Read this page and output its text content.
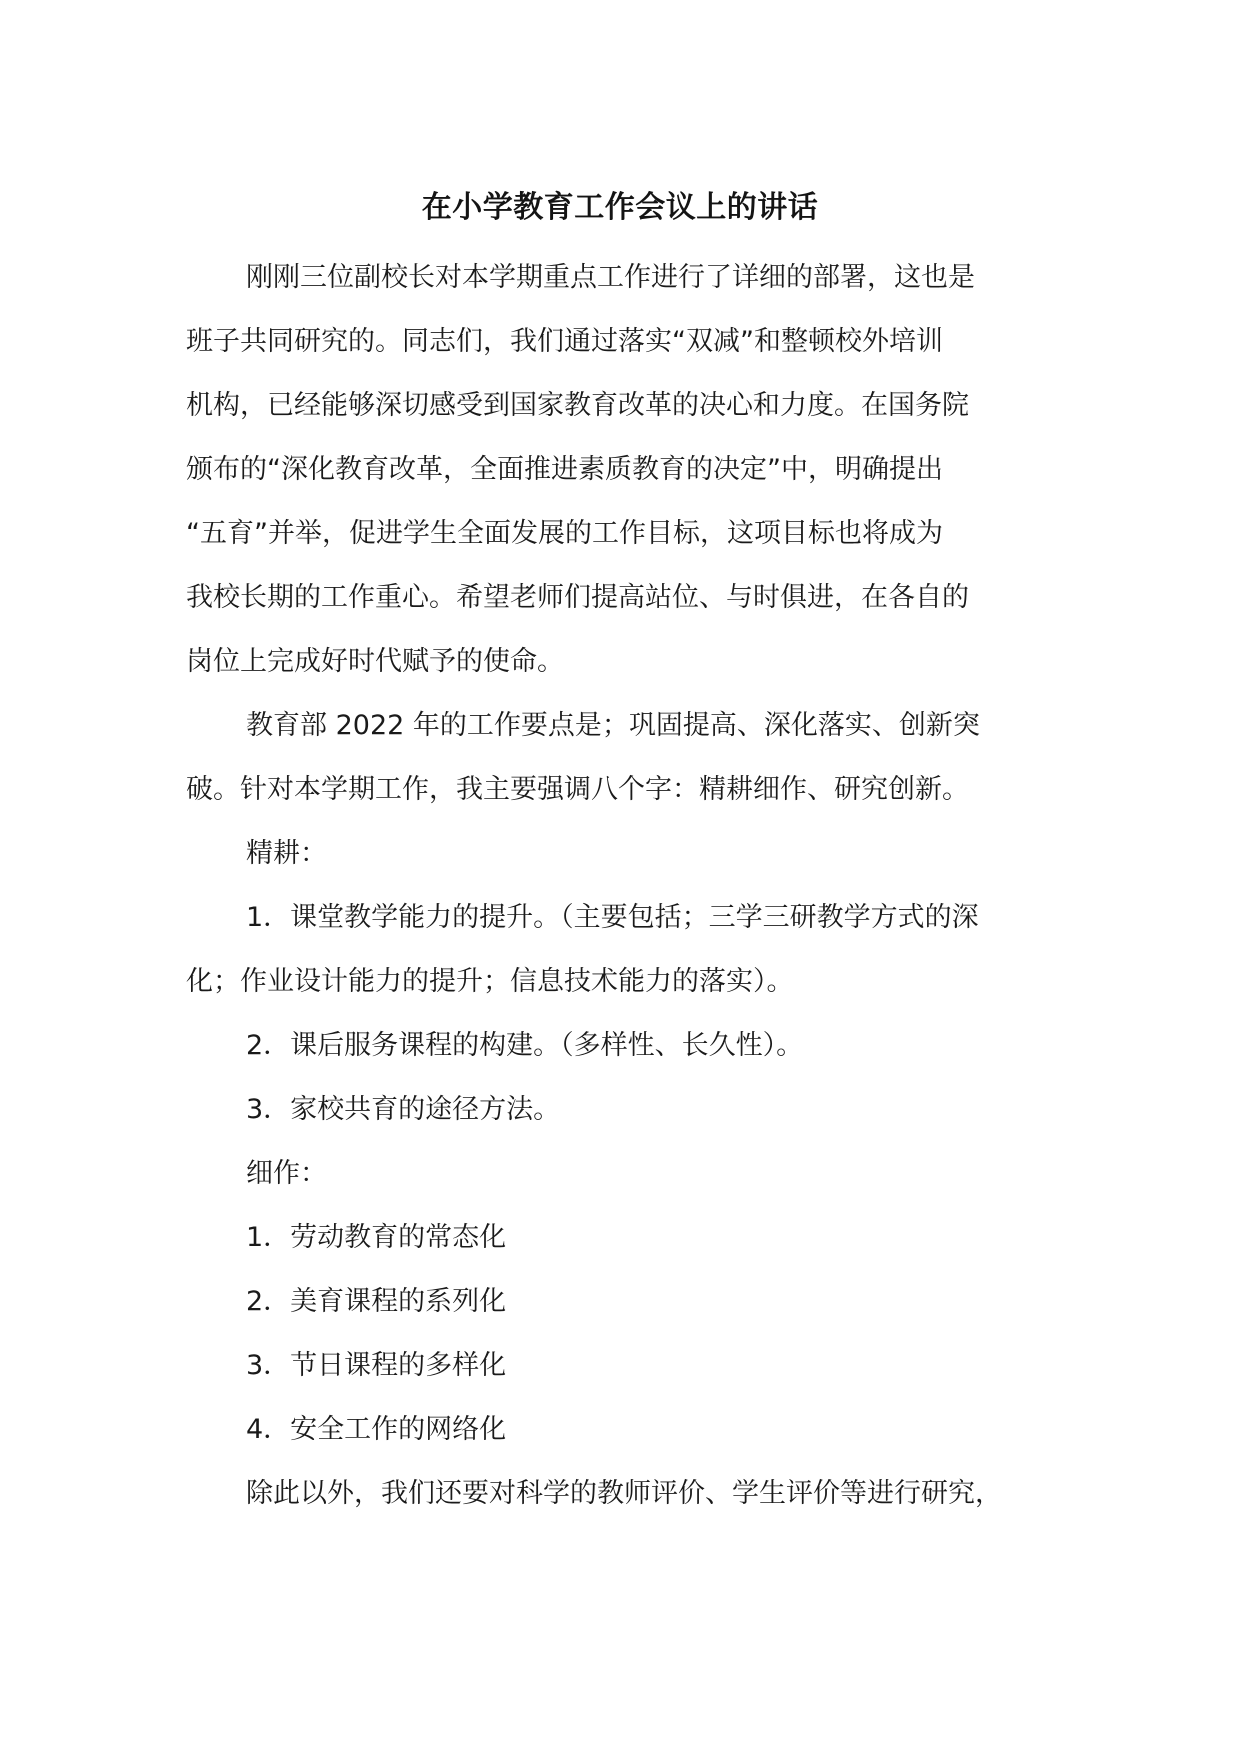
在小学教育工作会议上的讲话
刚刚三位副校长对本学期重点工作进行了详细的部署，这也是
班子共同研究的。同志们，我们通过落实“双减”和整顿校外培训
机构，已经能够深切感受到国家教育改革的决心和力度。在国务院
颁布的“深化教育改革，全面推进素质教育的决定”中，明确提出
“五育”并举，促进学生全面发展的工作目标，这项目标也将成为
我校长期的工作重心。希望老师们提高站位、与时俱进，在各自的
岗位上完成好时代赋予的使命。
教育部 2022 年的工作要点是；巩固提高、深化落实、创新突
破。针对本学期工作，我主要强调八个字：精耕细作、研究创新。
精耕：
1．课堂教学能力的提升。（主要包括；三学三研教学方式的深
化；作业设计能力的提升；信息技术能力的落实）。
2．课后服务课程的构建。（多样性、长久性）。
3．家校共育的途径方法。
细作：
1．劳动教育的常态化
2．美育课程的系列化
3．节日课程的多样化
4．安全工作的网络化
除此以外，我们还要对科学的教师评价、学生评价等进行研究，
